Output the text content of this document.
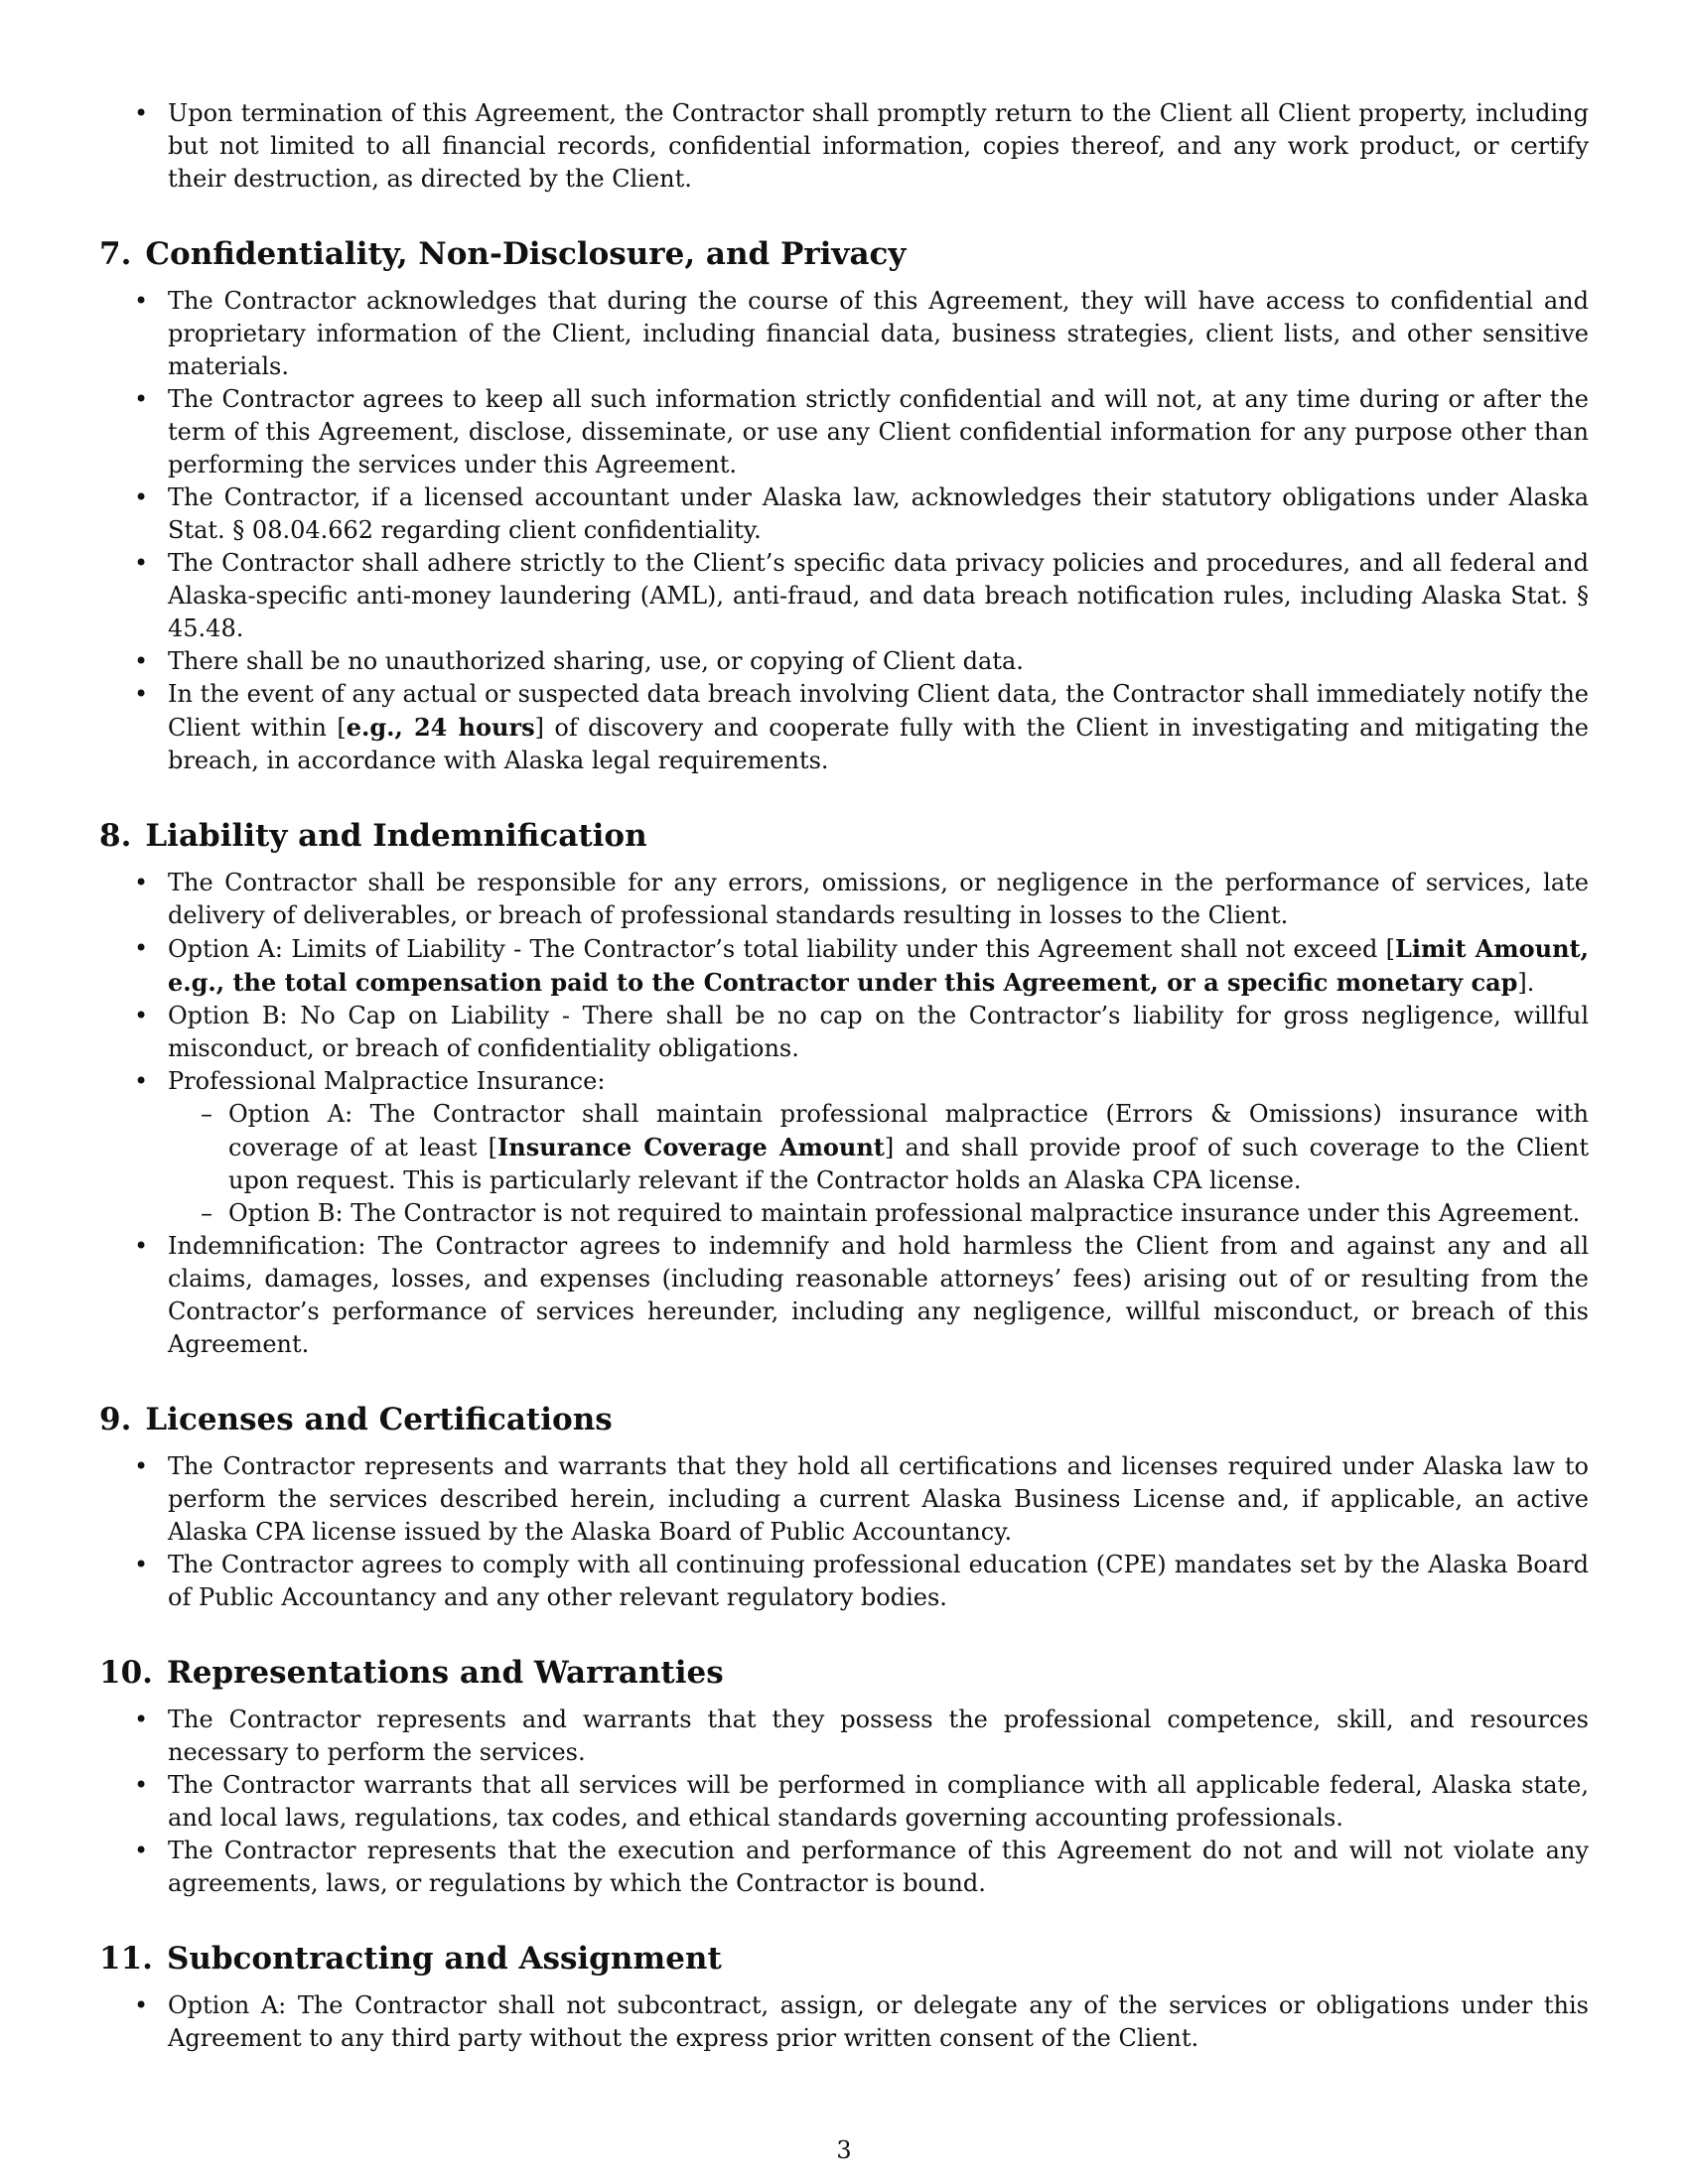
• Upon termination of this Agreement, the Contractor shall promptly return to the Client all Client property, including but not limited to all financial records, confidential information, copies thereof, and any work product, or certify their destruction, as directed by the Client.
7. Confidentiality, Non-Disclosure, and Privacy
• The Contractor acknowledges that during the course of this Agreement, they will have access to confidential and proprietary information of the Client, including financial data, business strategies, client lists, and other sensitive materials.
• The Contractor agrees to keep all such information strictly confidential and will not, at any time during or after the term of this Agreement, disclose, disseminate, or use any Client confidential information for any purpose other than performing the services under this Agreement.
• The Contractor, if a licensed accountant under Alaska law, acknowledges their statutory obligations under Alaska Stat. § 08.04.662 regarding client confidentiality.
• The Contractor shall adhere strictly to the Client’s specific data privacy policies and procedures, and all federal and Alaska-specific anti-money laundering (AML), anti-fraud, and data breach notification rules, including Alaska Stat. § 45.48.
• There shall be no unauthorized sharing, use, or copying of Client data.
• In the event of any actual or suspected data breach involving Client data, the Contractor shall immediately notify the Client within [e.g., 24 hours] of discovery and cooperate fully with the Client in investigating and mitigating the breach, in accordance with Alaska legal requirements.
8. Liability and Indemnification
• The Contractor shall be responsible for any errors, omissions, or negligence in the performance of services, late delivery of deliverables, or breach of professional standards resulting in losses to the Client.
• Option A: Limits of Liability - The Contractor’s total liability under this Agreement shall not exceed [Limit Amount, e.g., the total compensation paid to the Contractor under this Agreement, or a specific monetary cap].
• Option B: No Cap on Liability - There shall be no cap on the Contractor’s liability for gross negligence, willful misconduct, or breach of confidentiality obligations.
• Professional Malpractice Insurance:
– Option A: The Contractor shall maintain professional malpractice (Errors & Omissions) insurance with coverage of at least [Insurance Coverage Amount] and shall provide proof of such coverage to the Client upon request. This is particularly relevant if the Contractor holds an Alaska CPA license.
– Option B: The Contractor is not required to maintain professional malpractice insurance under this Agreement.
• Indemnification: The Contractor agrees to indemnify and hold harmless the Client from and against any and all claims, damages, losses, and expenses (including reasonable attorneys’ fees) arising out of or resulting from the Contractor’s performance of services hereunder, including any negligence, willful misconduct, or breach of this Agreement.
9. Licenses and Certifications
• The Contractor represents and warrants that they hold all certifications and licenses required under Alaska law to perform the services described herein, including a current Alaska Business License and, if applicable, an active Alaska CPA license issued by the Alaska Board of Public Accountancy.
• The Contractor agrees to comply with all continuing professional education (CPE) mandates set by the Alaska Board of Public Accountancy and any other relevant regulatory bodies.
10. Representations and Warranties
• The Contractor represents and warrants that they possess the professional competence, skill, and resources necessary to perform the services.
• The Contractor warrants that all services will be performed in compliance with all applicable federal, Alaska state, and local laws, regulations, tax codes, and ethical standards governing accounting professionals.
• The Contractor represents that the execution and performance of this Agreement do not and will not violate any agreements, laws, or regulations by which the Contractor is bound.
11. Subcontracting and Assignment
• Option A: The Contractor shall not subcontract, assign, or delegate any of the services or obligations under this Agreement to any third party without the express prior written consent of the Client.
3
